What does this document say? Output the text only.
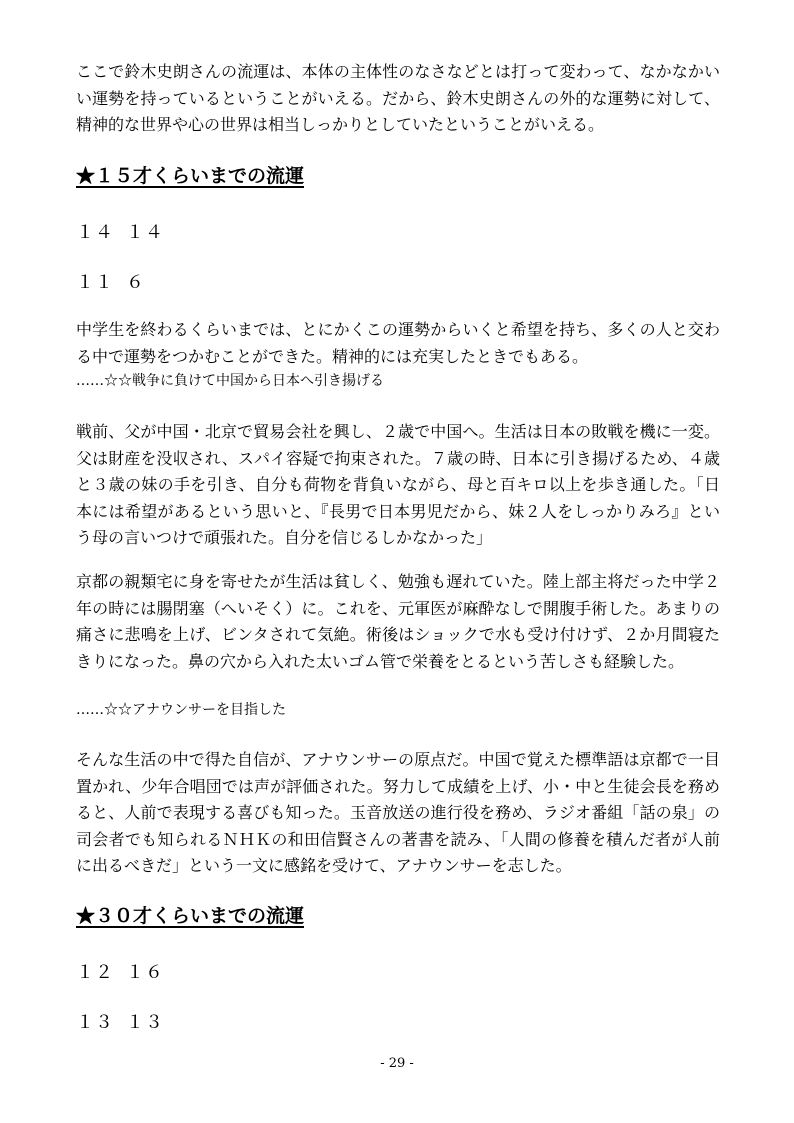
ここで鈴木史朗さんの流運は、本体の主体性のなさなどとは打って変わって、なかなかいい運勢を持っているということがいえる。だから、鈴木史朗さんの外的な運勢に対して、精神的な世界や心の世界は相当しっかりとしていたということがいえる。

★１５才くらいまでの流運

１４ １４

１１ ６

中学生を終わるくらいまでは、とにかくこの運勢からいくと希望を持ち、多くの人と交わる中で運勢をつかむことができた。精神的には充実したときでもある。

……☆☆戦争に負けて中国から日本へ引き揚げる

戦前、父が中国・北京で貿易会社を興し、２歳で中国へ。生活は日本の敗戦を機に一変。父は財産を没収され、スパイ容疑で拘束された。７歳の時、日本に引き揚げるため、４歳と３歳の妹の手を引き、自分も荷物を背負いながら、母と百キロ以上を歩き通した。「日本には希望があるという思いと、『長男で日本男児だから、妹２人をしっかりみろ』という母の言いつけで頑張れた。自分を信じるしかなかった」

京都の親類宅に身を寄せたが生活は貧しく、勉強も遅れていた。陸上部主将だった中学２年の時には腸閉塞（へいそく）に。これを、元軍医が麻酔なしで開腹手術した。あまりの痛さに悲鳴を上げ、ビンタされて気絶。術後はショックで水も受け付けず、２か月間寝たきりになった。鼻の穴から入れた太いゴム管で栄養をとるという苦しさも経験した。

……☆☆アナウンサーを目指した

そんな生活の中で得た自信が、アナウンサーの原点だ。中国で覚えた標準語は京都で一目置かれ、少年合唱団では声が評価された。努力して成績を上げ、小・中と生徒会長を務めると、人前で表現する喜びも知った。玉音放送の進行役を務め、ラジオ番組「話の泉」の司会者でも知られるＮＨＫの和田信賢さんの著書を読み、「人間の修養を積んだ者が人前に出るべきだ」という一文に感銘を受けて、アナウンサーを志した。

★３０才くらいまでの流運

１２ １６

１３ １３

- 29 -
